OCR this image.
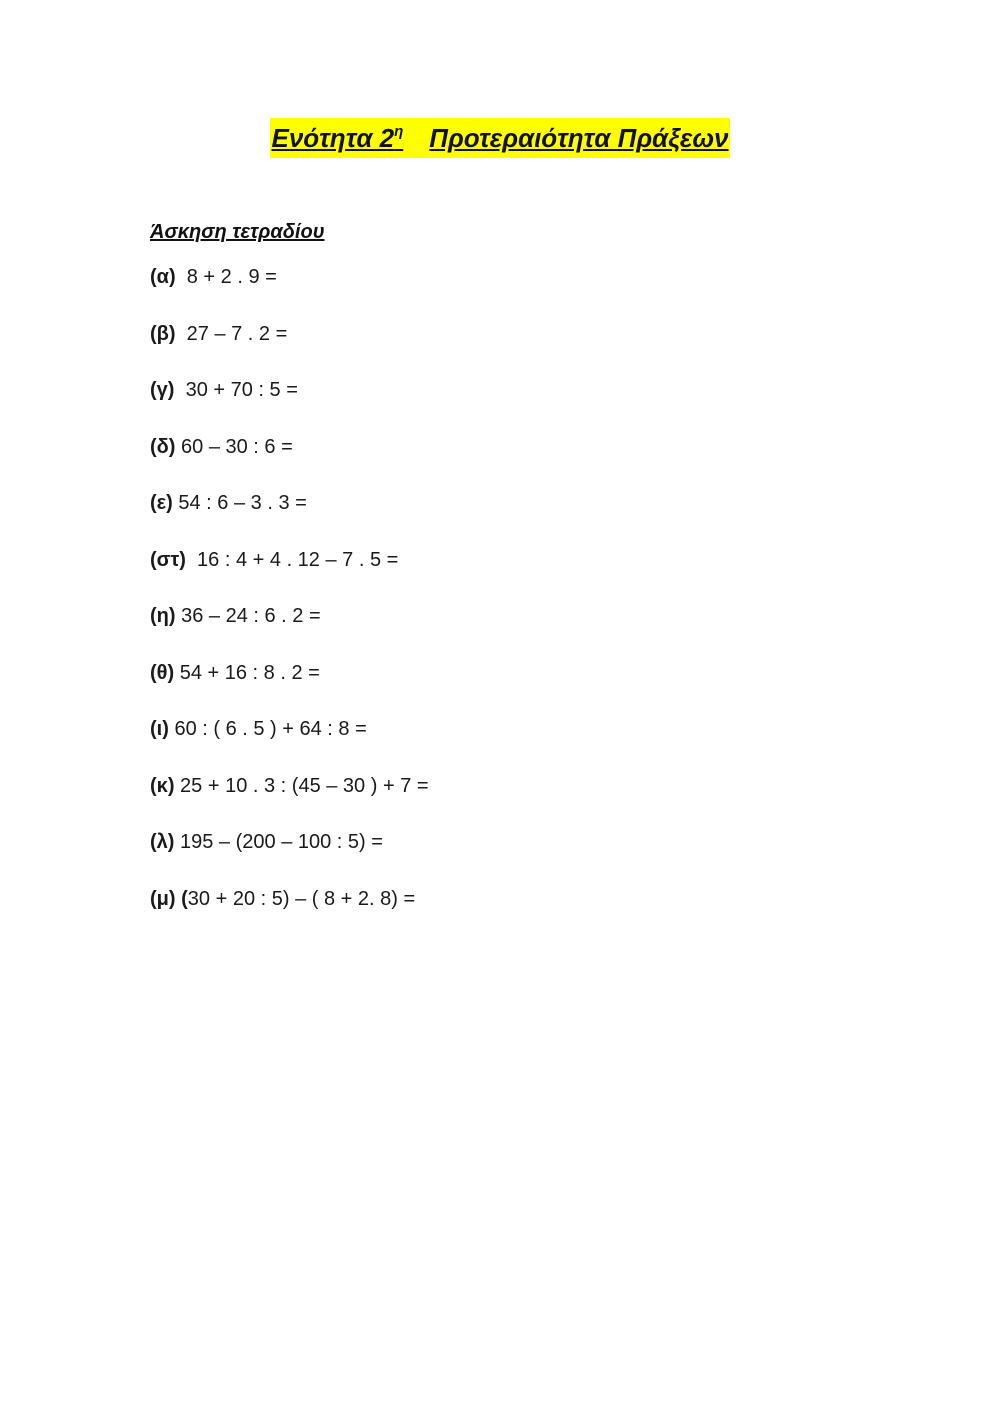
Ενότητα $2^\eta$ Προτεραιότητα Πράξεων
Άσκηση τετραδίου
(α)  8 + 2 . 9 =
(β)  27 – 7 . 2 =
(γ)  30 + 70 : 5 =
(δ) 60 – 30 : 6 =
(ε) 54 : 6 – 3 . 3 =
(στ)  16 : 4 + 4 . 12 – 7 . 5 =
(η) 36 – 24 : 6 . 2 =
(θ) 54 + 16 : 8 . 2 =
(ι) 60 : ( 6 . 5 ) + 64 : 8 =
(κ) 25 + 10 . 3 : (45 – 30 ) + 7 =
(λ) 195 – (200 – 100 : 5) =
(μ) (30 + 20 : 5) – ( 8 + 2. 8) =
